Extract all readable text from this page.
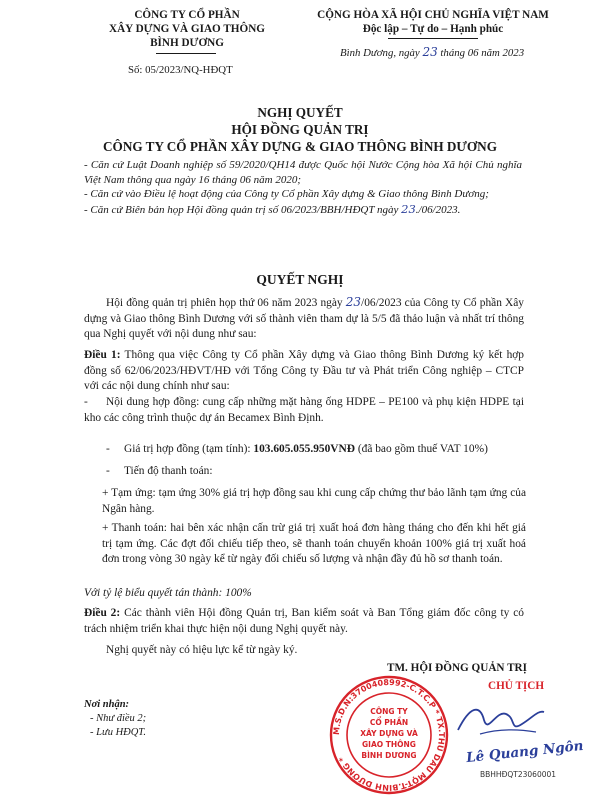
CÔNG TY CỔ PHẦN
XÂY DỰNG VÀ GIAO THÔNG
BÌNH DƯƠNG
CỘNG HÒA XÃ HỘI CHỦ NGHĨA VIỆT NAM
Độc lập – Tự do – Hạnh phúc
Bình Dương, ngày 23 tháng 06 năm 2023
Số: 05/2023/NQ-HĐQT
NGHỊ QUYẾT
HỘI ĐỒNG QUẢN TRỊ
CÔNG TY CỔ PHẦN XÂY DỰNG & GIAO THÔNG BÌNH DƯƠNG

- Căn cứ Luật Doanh nghiệp số 59/2020/QH14 được Quốc hội Nước Cộng hòa Xã hội Chủ nghĩa Việt Nam thông qua ngày 16 tháng 06 năm 2020;

- Căn cứ vào Điều lệ hoạt động của Công ty Cổ phần Xây dựng & Giao thông Bình Dương;

- Căn cứ Biên bản họp Hội đồng quản trị số 06/2023/BBH/HĐQT ngày 23./06/2023.

QUYẾT NGHỊ
Hội đồng quản trị phiên họp thứ 06 năm 2023 ngày 23/06/2023 của Công ty Cổ phần Xây dựng và Giao thông Bình Dương với số thành viên tham dự là 5/5 đã thảo luận và nhất trí thông qua Nghị quyết với nội dung như sau:
Điều 1: Thông qua việc Công ty Cổ phần Xây dựng và Giao thông Bình Dương ký kết hợp đồng số 62/06/2023/HĐVT/HĐ với Tổng Công ty Đầu tư và Phát triển Công nghiệp – CTCP với các nội dung chính như sau:
- Nội dung hợp đồng: cung cấp những mặt hàng ống HDPE – PE100 và phụ kiện HDPE tại kho các công trình thuộc dự án Becamex Bình Định.
- Giá trị hợp đồng (tạm tính): 103.605.055.950VNĐ (đã bao gồm thuế VAT 10%)
- Tiến độ thanh toán:
+ Tạm ứng: tạm ứng 30% giá trị hợp đồng sau khi cung cấp chứng thư bảo lãnh tạm ứng của Ngân hàng.
+ Thanh toán: hai bên xác nhận cấn trừ giá trị xuất hoá đơn hàng tháng cho đến khi hết giá trị tạm ứng. Các đợt đối chiếu tiếp theo, sẽ thanh toán chuyển khoản 100% giá trị xuất hoá đơn trong vòng 30 ngày kể từ ngày đối chiếu số lượng và nhận đầy đủ hồ sơ thanh toán.
Với tỷ lệ biểu quyết tán thành: 100%
Điều 2: Các thành viên Hội đồng Quản trị, Ban kiểm soát và Ban Tổng giám đốc công ty có trách nhiệm triển khai thực hiện nội dung Nghị quyết này.
Nghị quyết này có hiệu lực kể từ ngày ký.
Nơi nhận:
- Như điều 2;
- Lưu HĐQT.
TM. HỘI ĐỒNG QUẢN TRỊ
CHỦ TỊCH
M.S.D.N:3700408992-C.T.C.P * TX.THỦ DẦU MỘT-T.BÌNH DƯƠNG *
CÔNG TY
CỔ PHẦN
XÂY DỰNG VÀ
GIAO THÔNG
BÌNH DƯƠNG	Lê Quang Ngôn
BBHHĐQT23060001
